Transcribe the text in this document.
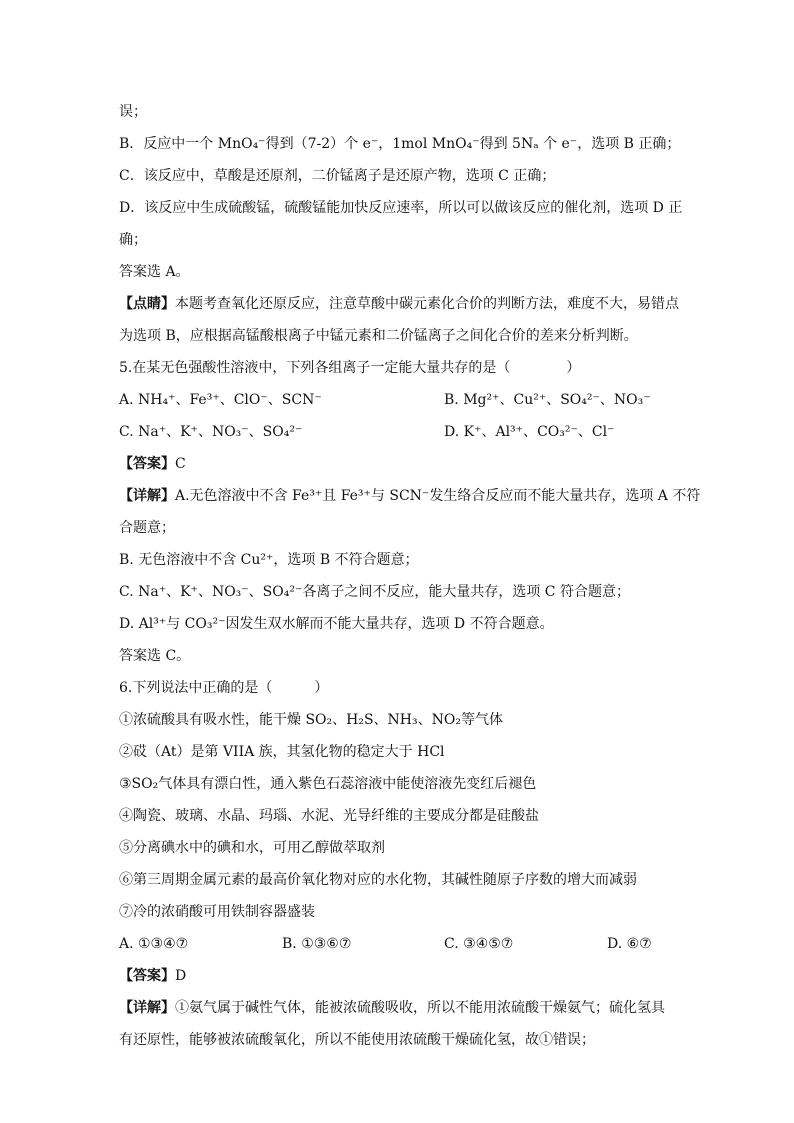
误；
B．反应中一个 MnO₄⁻得到（7-2）个 e⁻，1mol MnO₄⁻得到 5Nₐ 个 e⁻，选项 B 正确；
C．该反应中，草酸是还原剂，二价锰离子是还原产物，选项 C 正确；
D．该反应中生成硫酸锰，硫酸锰能加快反应速率，所以可以做该反应的催化剂，选项 D 正
确；
答案选 A。
【点睛】本题考查氧化还原反应，注意草酸中碳元素化合价的判断方法，难度不大，易错点
为选项 B，应根据高锰酸根离子中锰元素和二价锰离子之间化合价的差来分析判断。
5.在某无色强酸性溶液中，下列各组离子一定能大量共存的是（　　　　）
A. NH₄⁺、Fe³⁺、ClO⁻、SCN⁻	B. Mg²⁺、Cu²⁺、SO₄²⁻、NO₃⁻
C. Na⁺、K⁺、NO₃⁻、SO₄²⁻	D. K⁺、Al³⁺、CO₃²⁻、Cl⁻
【答案】C
【详解】A.无色溶液中不含 Fe³⁺且 Fe³⁺与 SCN⁻发生络合反应而不能大量共存，选项 A 不符
合题意；
B. 无色溶液中不含 Cu²⁺，选项 B 不符合题意；
C. Na⁺、K⁺、NO₃⁻、SO₄²⁻各离子之间不反应，能大量共存，选项 C 符合题意；
D. Al³⁺与 CO₃²⁻因发生双水解而不能大量共存，选项 D 不符合题意。
答案选 C。
6.下列说法中正确的是（　　　）
①浓硫酸具有吸水性，能干燥 SO₂、H₂S、NH₃、NO₂等气体
②砹（At）是第 VIIA 族，其氢化物的稳定大于 HCl
③SO₂气体具有漂白性，通入紫色石蕊溶液中能使溶液先变红后褪色
④陶瓷、玻璃、水晶、玛瑙、水泥、光导纤维的主要成分都是硅酸盐
⑤分离碘水中的碘和水，可用乙醇做萃取剂
⑥第三周期金属元素的最高价氧化物对应的水化物，其碱性随原子序数的增大而减弱
⑦冷的浓硝酸可用铁制容器盛装
A. ①③④⑦	B. ①③⑥⑦	C. ③④⑤⑦	D. ⑥⑦
【答案】D
【详解】①氨气属于碱性气体，能被浓硫酸吸收，所以不能用浓硫酸干燥氨气；硫化氢具
有还原性，能够被浓硫酸氧化，所以不能使用浓硫酸干燥硫化氢，故①错误；
